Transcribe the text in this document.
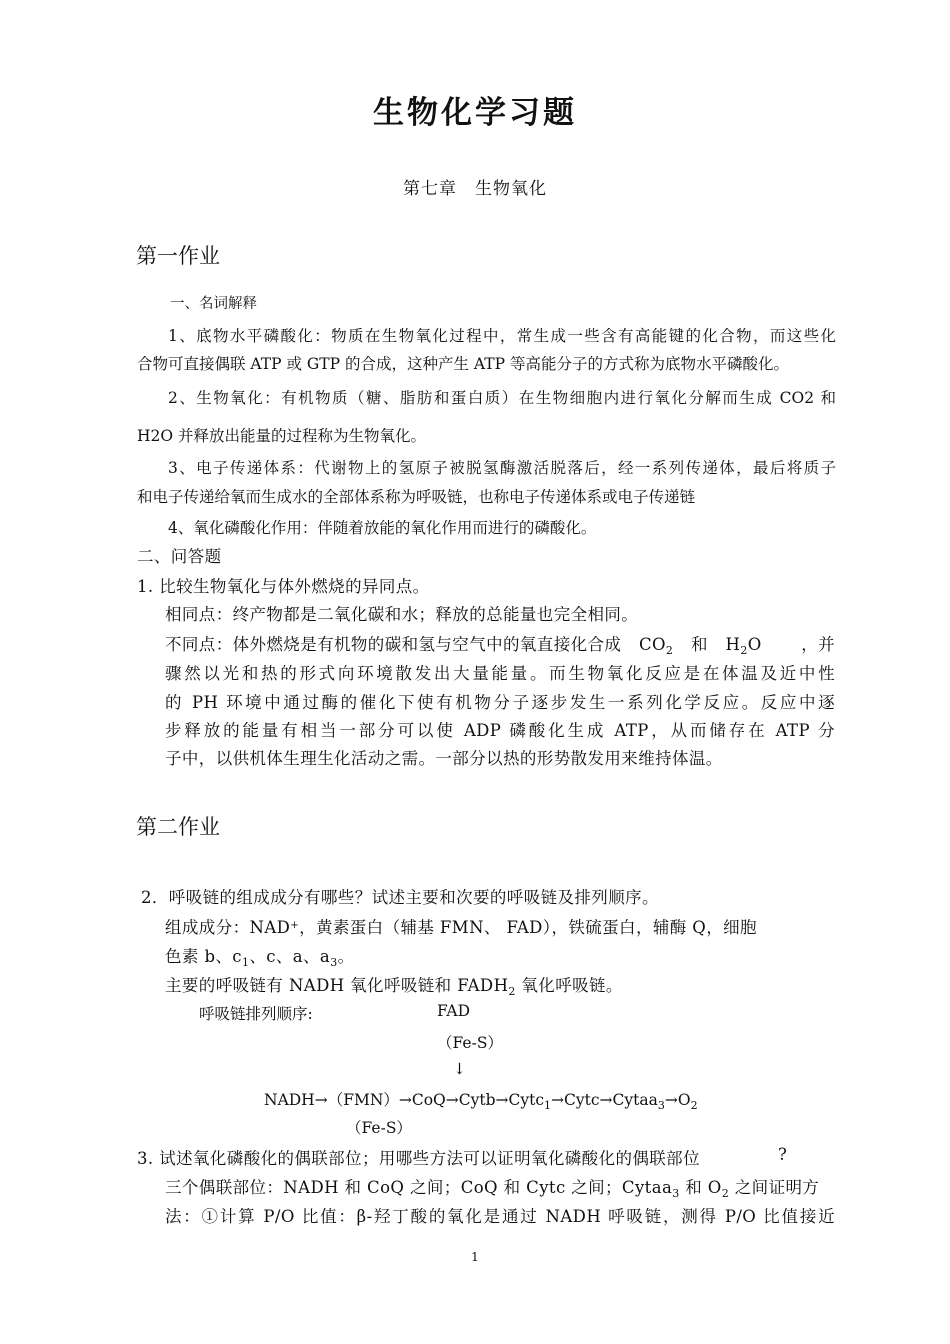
生物化学习题
第七章　生物氧化
第一作业
一、名词解释
1、底物水平磷酸化：物质在生物氧化过程中，常生成一些含有高能键的化合物，而这些化
合物可直接偶联 ATP 或 GTP 的合成，这种产生 ATP 等高能分子的方式称为底物水平磷酸化。
2、生物氧化：有机物质（糖、脂肪和蛋白质）在生物细胞内进行氧化分解而生成 CO2 和
H2O 并释放出能量的过程称为生物氧化。
3、电子传递体系：代谢物上的氢原子被脱氢酶激活脱落后，经一系列传递体，最后将质子
和电子传递给氧而生成水的全部体系称为呼吸链，也称电子传递体系或电子传递链
4、氧化磷酸化作用：伴随着放能的氧化作用而进行的磷酸化。
二、问答题
1. 比较生物氧化与体外燃烧的异同点。
相同点：终产物都是二氧化碳和水；释放的总能量也完全相同。
不同点：体外燃烧是有机物的碳和氢与空气中的氧直接化合成 $CO_2$ 和 $H_2O$ ，并
骤然以光和热的形式向环境散发出大量能量。而生物氧化反应是在体温及近中性
的 PH 环境中通过酶的催化下使有机物分子逐步发生一系列化学反应。反应中逐
步释放的能量有相当一部分可以使 ADP 磷酸化生成 ATP，从而储存在 ATP 分
子中，以供机体生理生化活动之需。一部分以热的形势散发用来维持体温。
第二作业
2．呼吸链的组成成分有哪些？试述主要和次要的呼吸链及排列顺序。
组成成分：NAD+，黄素蛋白（辅基 FMN、 FAD），铁硫蛋白，辅酶 Q，细胞
色素 b、$c_1$、c、a、$a_3$。
主要的呼吸链有 NADH 氧化呼吸链和 $FADH_2$ 氧化呼吸链。
呼吸链排列顺序:	FAD
（Fe-S）
↓
$NADH\to(FMN)\to CoQ\to Cytb\to Cytc_1\to Cytc\to Cytaa_3\to O_2$
（Fe-S）
3. 试述氧化磷酸化的偶联部位；用哪些方法可以证明氧化磷酸化的偶联部位	?
三个偶联部位：NADH 和 CoQ 之间；CoQ 和 Cytc 之间；Cytaa$_3$ 和 $O_2$ 之间证明方
法：①计算 P/O 比值：β-羟丁酸的氧化是通过 NADH 呼吸链，测得 P/O 比值接近
1
